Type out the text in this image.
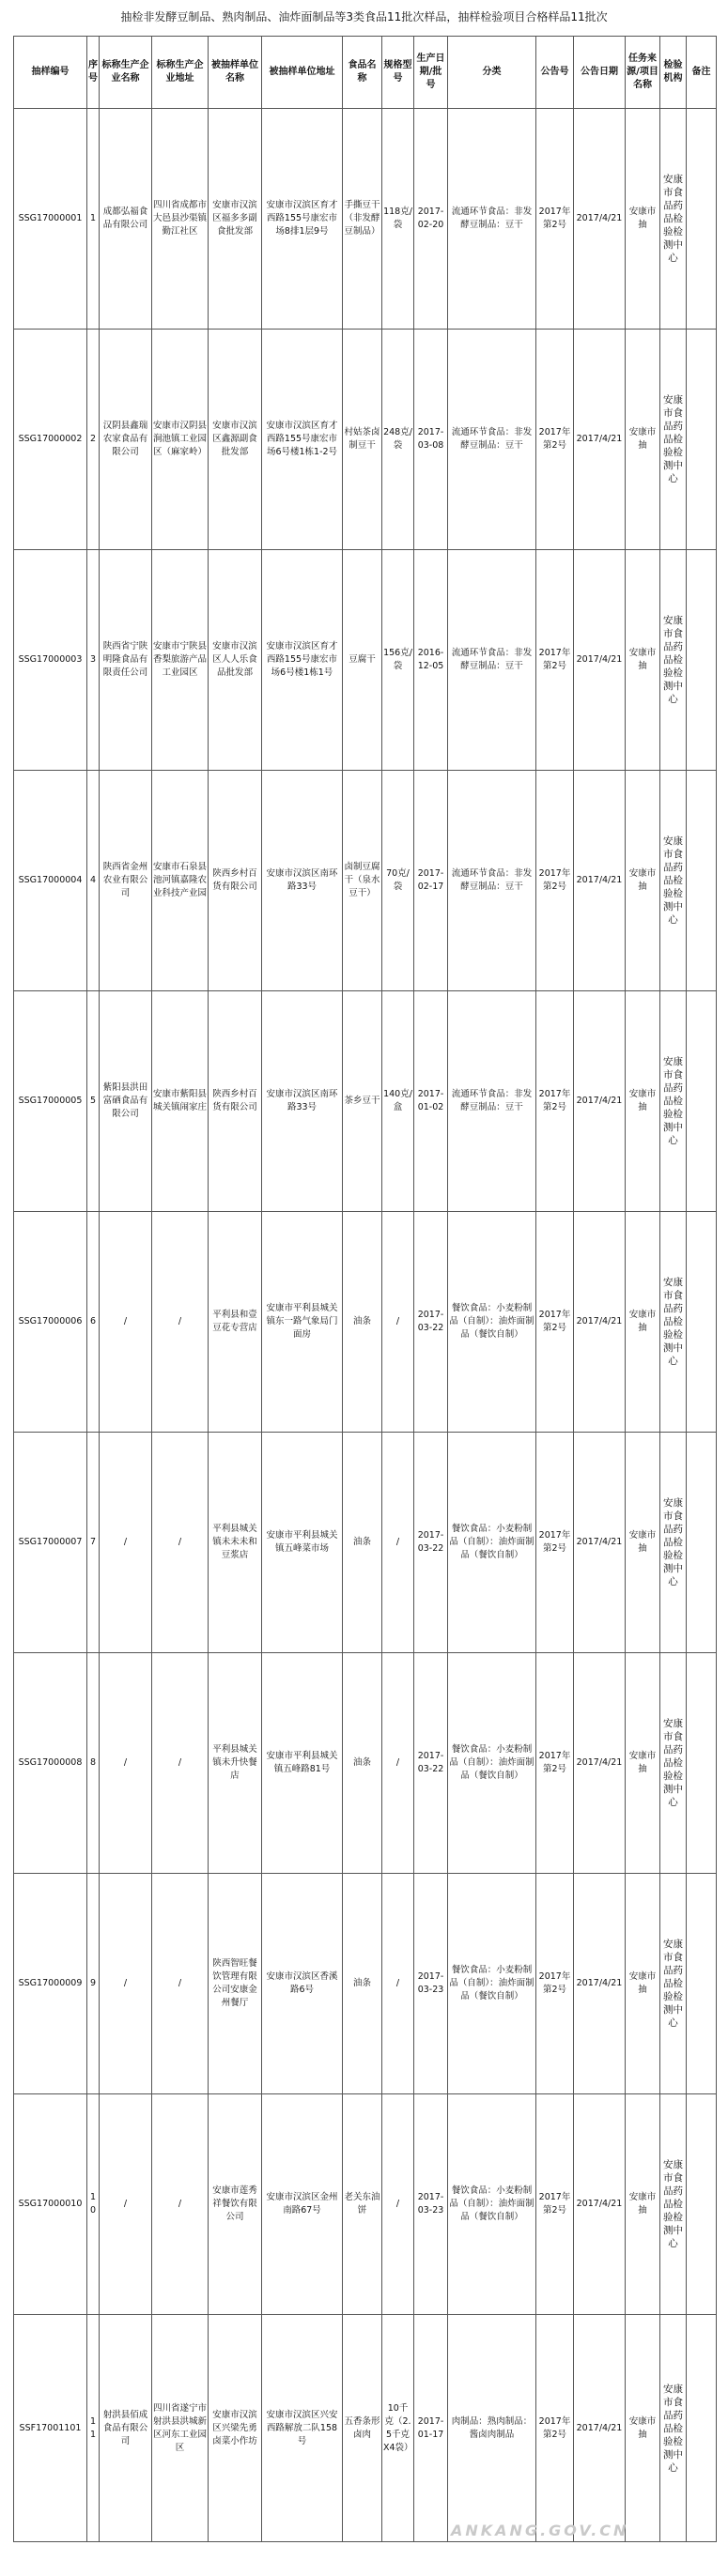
抽检非发酵豆制品、熟肉制品、油炸面制品等3类食品11批次样品，抽样检验项目合格样品11批次
抽样编号	序号	标称生产企业名称	标称生产企业地址	被抽样单位名称	被抽样单位地址	食品名称	规格型号	生产日期/批号	分类	公告号	公告日期	任务来源/项目名称	检验机构	备注
SSG17000001	1	成都弘福食品有限公司	四川省成都市大邑县沙渠镇勤江社区	安康市汉滨区福多多副食批发部	安康市汉滨区育才西路155号康宏市场8排1层9号	手撕豆干（非发酵豆制品）	118克/袋	2017-02-20	流通环节食品：非发酵豆制品：豆干	2017年第2号	2017/4/21	安康市抽	安康市食品药品检验检测中心	
SSG17000002	2	汉阴县鑫瑞农家食品有限公司	安康市汉阴县涧池镇工业园区（麻家岭）	安康市汉滨区鑫源副食批发部	安康市汉滨区育才西路155号康宏市场6号楼1栋1-2号	村姑茶卤制豆干	248克/袋	2017-03-08	流通环节食品：非发酵豆制品：豆干	2017年第2号	2017/4/21	安康市抽	安康市食品药品检验检测中心	
SSG17000003	3	陕西省宁陕明隆食品有限责任公司	安康市宁陕县香梨旅游产品工业园区	安康市汉滨区人人乐食品批发部	安康市汉滨区育才西路155号康宏市场6号楼1栋1号	豆腐干	156克/袋	2016-12-05	流通环节食品：非发酵豆制品：豆干	2017年第2号	2017/4/21	安康市抽	安康市食品药品检验检测中心	
SSG17000004	4	陕西省金州农业有限公司	安康市石泉县池河镇嘉隆农业科技产业园	陕西乡村百货有限公司	安康市汉滨区南环路33号	卤制豆腐干（泉水豆干）	70克/袋	2017-02-17	流通环节食品：非发酵豆制品：豆干	2017年第2号	2017/4/21	安康市抽	安康市食品药品检验检测中心	
SSG17000005	5	紫阳县洪田富硒食品有限公司	安康市紫阳县城关镇闹家庄	陕西乡村百货有限公司	安康市汉滨区南环路33号	茶乡豆干	140克/盒	2017-01-02	流通环节食品：非发酵豆制品：豆干	2017年第2号	2017/4/21	安康市抽	安康市食品药品检验检测中心	
SSG17000006	6	/	/	平利县和壹豆花专营店	安康市平利县城关镇东一路气象局门面房	油条	/	2017-03-22	餐饮食品：小麦粉制品（自制）：油炸面制品（餐饮自制）	2017年第2号	2017/4/21	安康市抽	安康市食品药品检验检测中心	
SSG17000007	7	/	/	平利县城关镇未未未和豆浆店	安康市平利县城关镇五峰菜市场	油条	/	2017-03-22	餐饮食品：小麦粉制品（自制）：油炸面制品（餐饮自制）	2017年第2号	2017/4/21	安康市抽	安康市食品药品检验检测中心	
SSG17000008	8	/	/	平利县城关镇未升快餐店	安康市平利县城关镇五峰路81号	油条	/	2017-03-22	餐饮食品：小麦粉制品（自制）：油炸面制品（餐饮自制）	2017年第2号	2017/4/21	安康市抽	安康市食品药品检验检测中心	
SSG17000009	9	/	/	陕西智旺餐饮管理有限公司安康金州餐厅	安康市汉滨区香溪路6号	油条	/	2017-03-23	餐饮食品：小麦粉制品（自制）：油炸面制品（餐饮自制）	2017年第2号	2017/4/21	安康市抽	安康市食品药品检验检测中心	
SSG17000010	10	/	/	安康市莲秀祥餐饮有限公司	安康市汉滨区金州南路67号	老关东油饼	/	2017-03-23	餐饮食品：小麦粉制品（自制）：油炸面制品（餐饮自制）	2017年第2号	2017/4/21	安康市抽	安康市食品药品检验检测中心	
SSF17001101	11	射洪县佰成食品有限公司	四川省遂宁市射洪县洪城新区河东工业园区	安康市汉滨区兴梁先勇卤菜小作坊	安康市汉滨区兴安西路解放二队158号	五香条形卤肉	10千克（2.5千克X4袋）	2017-01-17	肉制品：熟肉制品：酱卤肉制品	2017年第2号	2017/4/21	安康市抽	安康市食品药品检验检测中心	
ANKANG.GOV.CN
